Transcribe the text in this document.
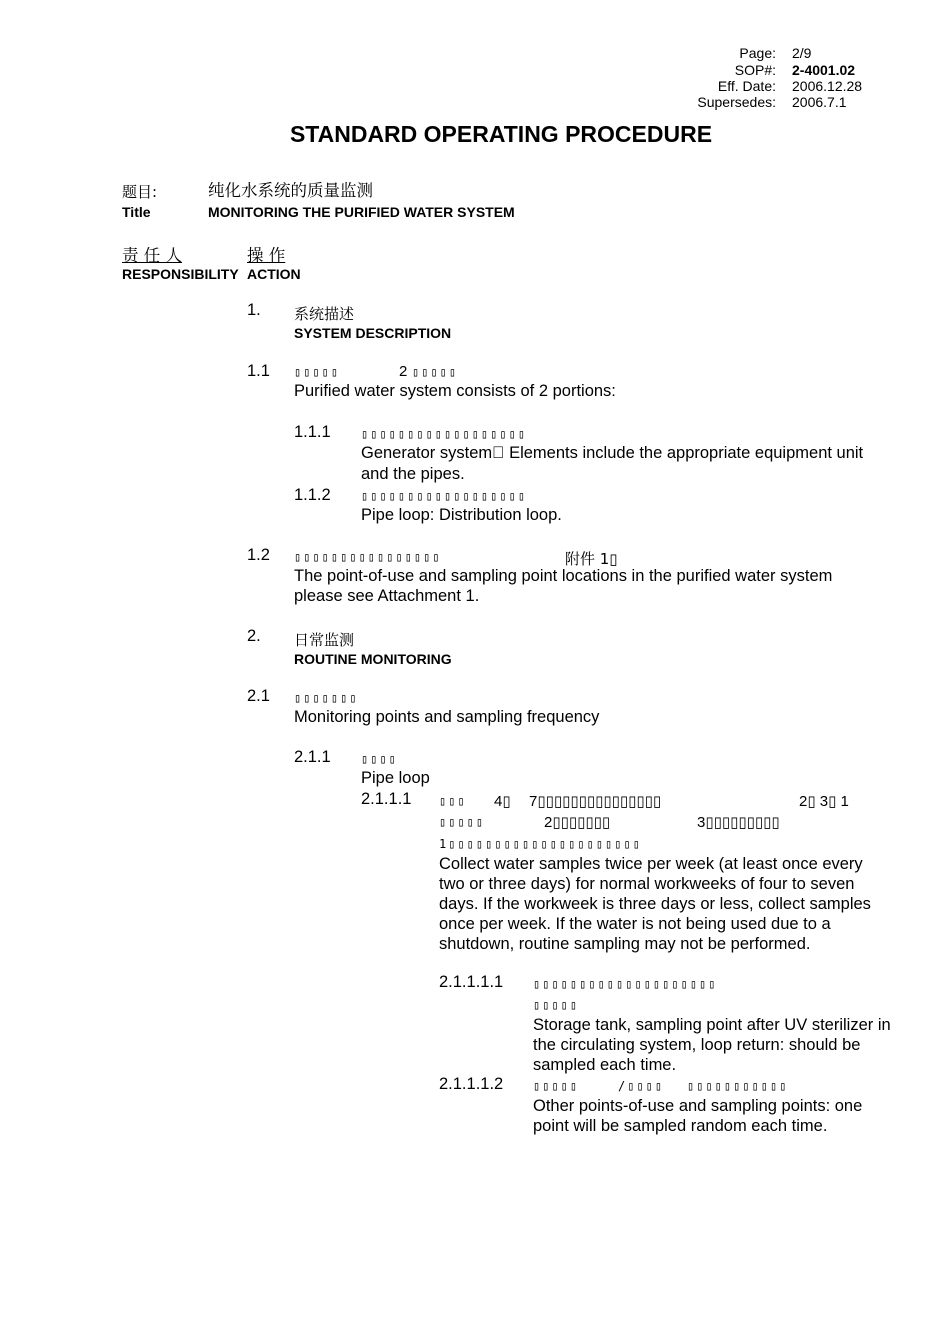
Page: 2/9
SOP#: 2-4001.02
Eff. Date: 2006.12.28
Supersedes: 2006.7.1
STANDARD OPERATING PROCEDURE
题目:	纯化水系统的质量监测
Title	MONITORING THE PURIFIED WATER SYSTEM
责 任 人	操 作
RESPONSIBILITY ACTION
1. 系统描述
SYSTEM DESCRIPTION
1.1 ▯▯▯▯▯	2 ▯▯▯▯▯
Purified water system consists of 2 portions:
1.1.1	▯▯▯▯▯▯▯▯▯▯▯▯▯▯▯▯▯▯
Generator system  Elements include the appropriate equipment unit
and the pipes.
1.1.2	▯▯▯▯▯▯▯▯▯▯▯▯▯▯▯▯▯▯
Pipe loop: Distribution loop.
1.2 ▯▯▯▯▯▯▯▯▯▯▯▯▯▯▯▯	附件 1▯
The point-of-use and sampling point locations in the purified water system
please see Attachment 1.
2. 日常监测
ROUTINE MONITORING
2.1 ▯▯▯▯▯▯▯
Monitoring points and sampling frequency
2.1.1	▯▯▯▯
Pipe loop
2.1.1.1 ▯▯▯ 4▯ 7▯▯▯▯▯▯▯▯▯▯▯▯▯▯▯	2▯ 3▯ 1
▯▯▯▯▯	2▯▯▯▯▯▯▯	3▯▯▯▯▯▯▯▯▯
1▯▯▯▯▯▯▯▯▯▯▯▯▯▯▯▯▯▯▯▯▯
Collect water samples twice per week (at least once every two or three days) for normal workweeks of four to seven days. If the workweek is three days or less, collect samples once per week. If the water is not being used due to a shutdown, routine sampling may not be performed.
2.1.1.1.1 ▯▯▯▯▯▯▯▯▯▯▯▯▯▯▯▯▯▯▯▯
▯▯▯▯▯
Storage tank, sampling point after UV sterilizer in the circulating system, loop return: should be sampled each time.
2.1.1.1.2 ▯▯▯▯▯	/▯▯▯▯ ▯▯▯▯▯▯▯▯▯▯▯
Other points-of-use and sampling points: one point will be sampled random each time.
